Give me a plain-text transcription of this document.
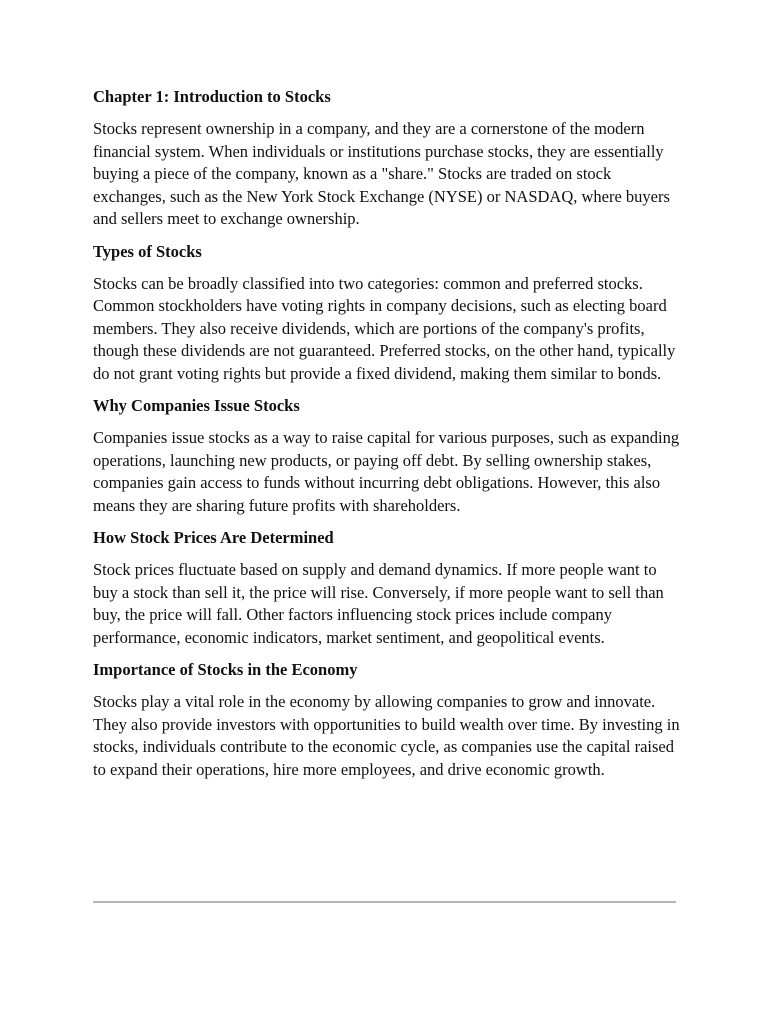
Chapter 1: Introduction to Stocks
Stocks represent ownership in a company, and they are a cornerstone of the modern financial system. When individuals or institutions purchase stocks, they are essentially buying a piece of the company, known as a "share." Stocks are traded on stock exchanges, such as the New York Stock Exchange (NYSE) or NASDAQ, where buyers and sellers meet to exchange ownership.
Types of Stocks
Stocks can be broadly classified into two categories: common and preferred stocks. Common stockholders have voting rights in company decisions, such as electing board members. They also receive dividends, which are portions of the company's profits, though these dividends are not guaranteed. Preferred stocks, on the other hand, typically do not grant voting rights but provide a fixed dividend, making them similar to bonds.
Why Companies Issue Stocks
Companies issue stocks as a way to raise capital for various purposes, such as expanding operations, launching new products, or paying off debt. By selling ownership stakes, companies gain access to funds without incurring debt obligations. However, this also means they are sharing future profits with shareholders.
How Stock Prices Are Determined
Stock prices fluctuate based on supply and demand dynamics. If more people want to buy a stock than sell it, the price will rise. Conversely, if more people want to sell than buy, the price will fall. Other factors influencing stock prices include company performance, economic indicators, market sentiment, and geopolitical events.
Importance of Stocks in the Economy
Stocks play a vital role in the economy by allowing companies to grow and innovate. They also provide investors with opportunities to build wealth over time. By investing in stocks, individuals contribute to the economic cycle, as companies use the capital raised to expand their operations, hire more employees, and drive economic growth.
